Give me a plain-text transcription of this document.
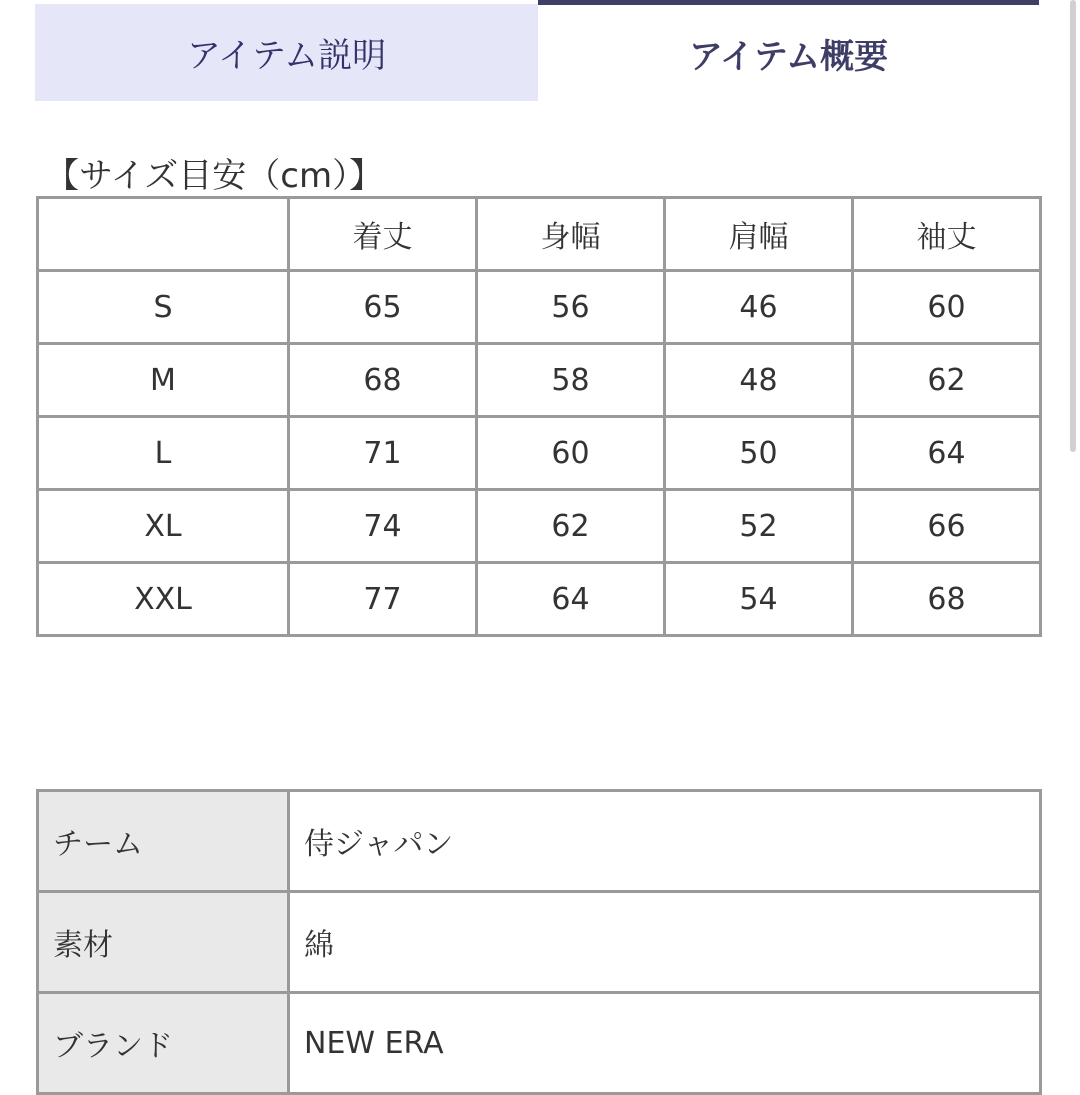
アイテム説明	アイテム概要
【サイズ目安（cm）】
	着丈	身幅	肩幅	袖丈
S	65	56	46	60
M	68	58	48	62
L	71	60	50	64
XL	74	62	52	66
XXL	77	64	54	68
チーム	侍ジャパン
素材	綿
ブランド	NEW ERA
